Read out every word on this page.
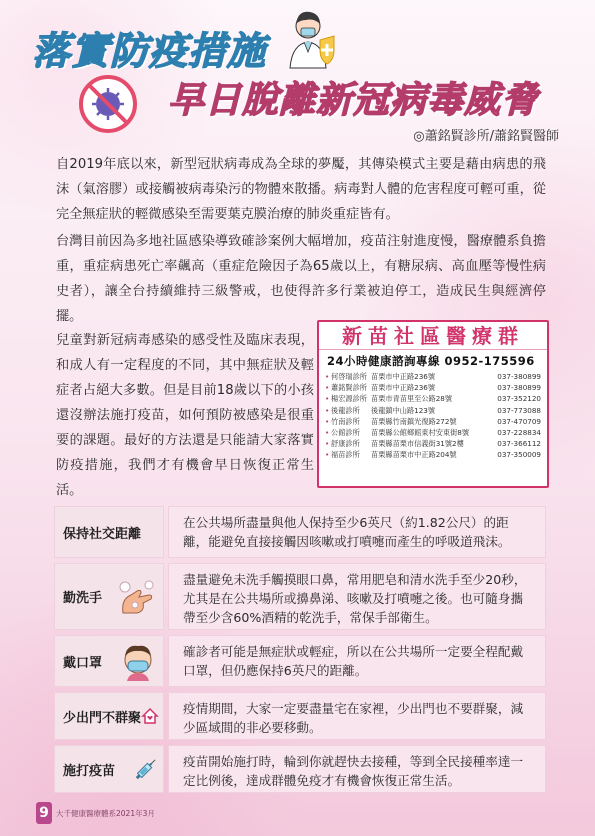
落實防疫措施
早日脫離新冠病毒威脅
◎蕭銘賢診所/蕭銘賢醫師

自2019年底以來，新型冠狀病毒成為全球的夢魘，其傳染模式主要是藉由病患的飛沫（氣溶膠）或接觸被病毒染污的物體來散播。病毒對人體的危害程度可輕可重，從完全無症狀的輕微感染至需要葉克膜治療的肺炎重症皆有。

台灣目前因為多地社區感染導致確診案例大幅增加，疫苗注射進度慢，醫療體系負擔重，重症病患死亡率飆高（重症危險因子為65歲以上，有糖尿病、高血壓等慢性病史者），讓全台持續維持三級警戒，也使得許多行業被迫停工，造成民生與經濟停擺。

兒童對新冠病毒感染的感受性及臨床表現，和成人有一定程度的不同，其中無症狀及輕症者占絕大多數。但是目前18歲以下的小孩還沒辦法施打疫苗，如何預防被感染是很重要的課題。最好的方法還是只能請大家落實防疫措施，我們才有機會早日恢復正常生活。

新苗社區醫療群
24小時健康諮詢專線 0952-175596
• 何啓瑞診所 苗栗市中正路236號	037-380899
• 蕭銘賢診所 苗栗市中正路236號	037-380899
• 楊宏源診所 苗栗市青苗里至公路28號	037-352120
• 後龍診所	後龍鎮中山路123號	037-773088
• 竹南診所	苗栗縣竹南鎮光復路272號	037-470709
• 公館診所	苗栗縣公館鄉館東村安東街8號	037-228834
• 舒康診所	苗栗縣苗栗市信義街31號2樓	037-366112
• 福苗診所	苗栗縣苗栗市中正路204號	037-350009
保持社交距離
在公共場所盡量與他人保持至少6英尺（約1.82公尺）的距離，能避免直接接觸因咳嗽或打噴嚏而產生的呼吸道飛沫。
勤洗手
盡量避免未洗手觸摸眼口鼻，常用肥皂和清水洗手至少20秒，尤其是在公共場所或擤鼻涕、咳嗽及打噴嚏之後。也可隨身攜帶至少含60%酒精的乾洗手，常保手部衛生。
戴口罩
確診者可能是無症狀或輕症，所以在公共場所一定要全程配戴口罩，但仍應保持6英尺的距離。
少出門不群聚
疫情期間，大家一定要盡量宅在家裡，少出門也不要群聚，減少區域間的非必要移動。
施打疫苗
疫苗開始施打時，輪到你就趕快去接種，等到全民接種率達一定比例後，達成群體免疫才有機會恢復正常生活。
9 大千健康醫療體系2021年3月
